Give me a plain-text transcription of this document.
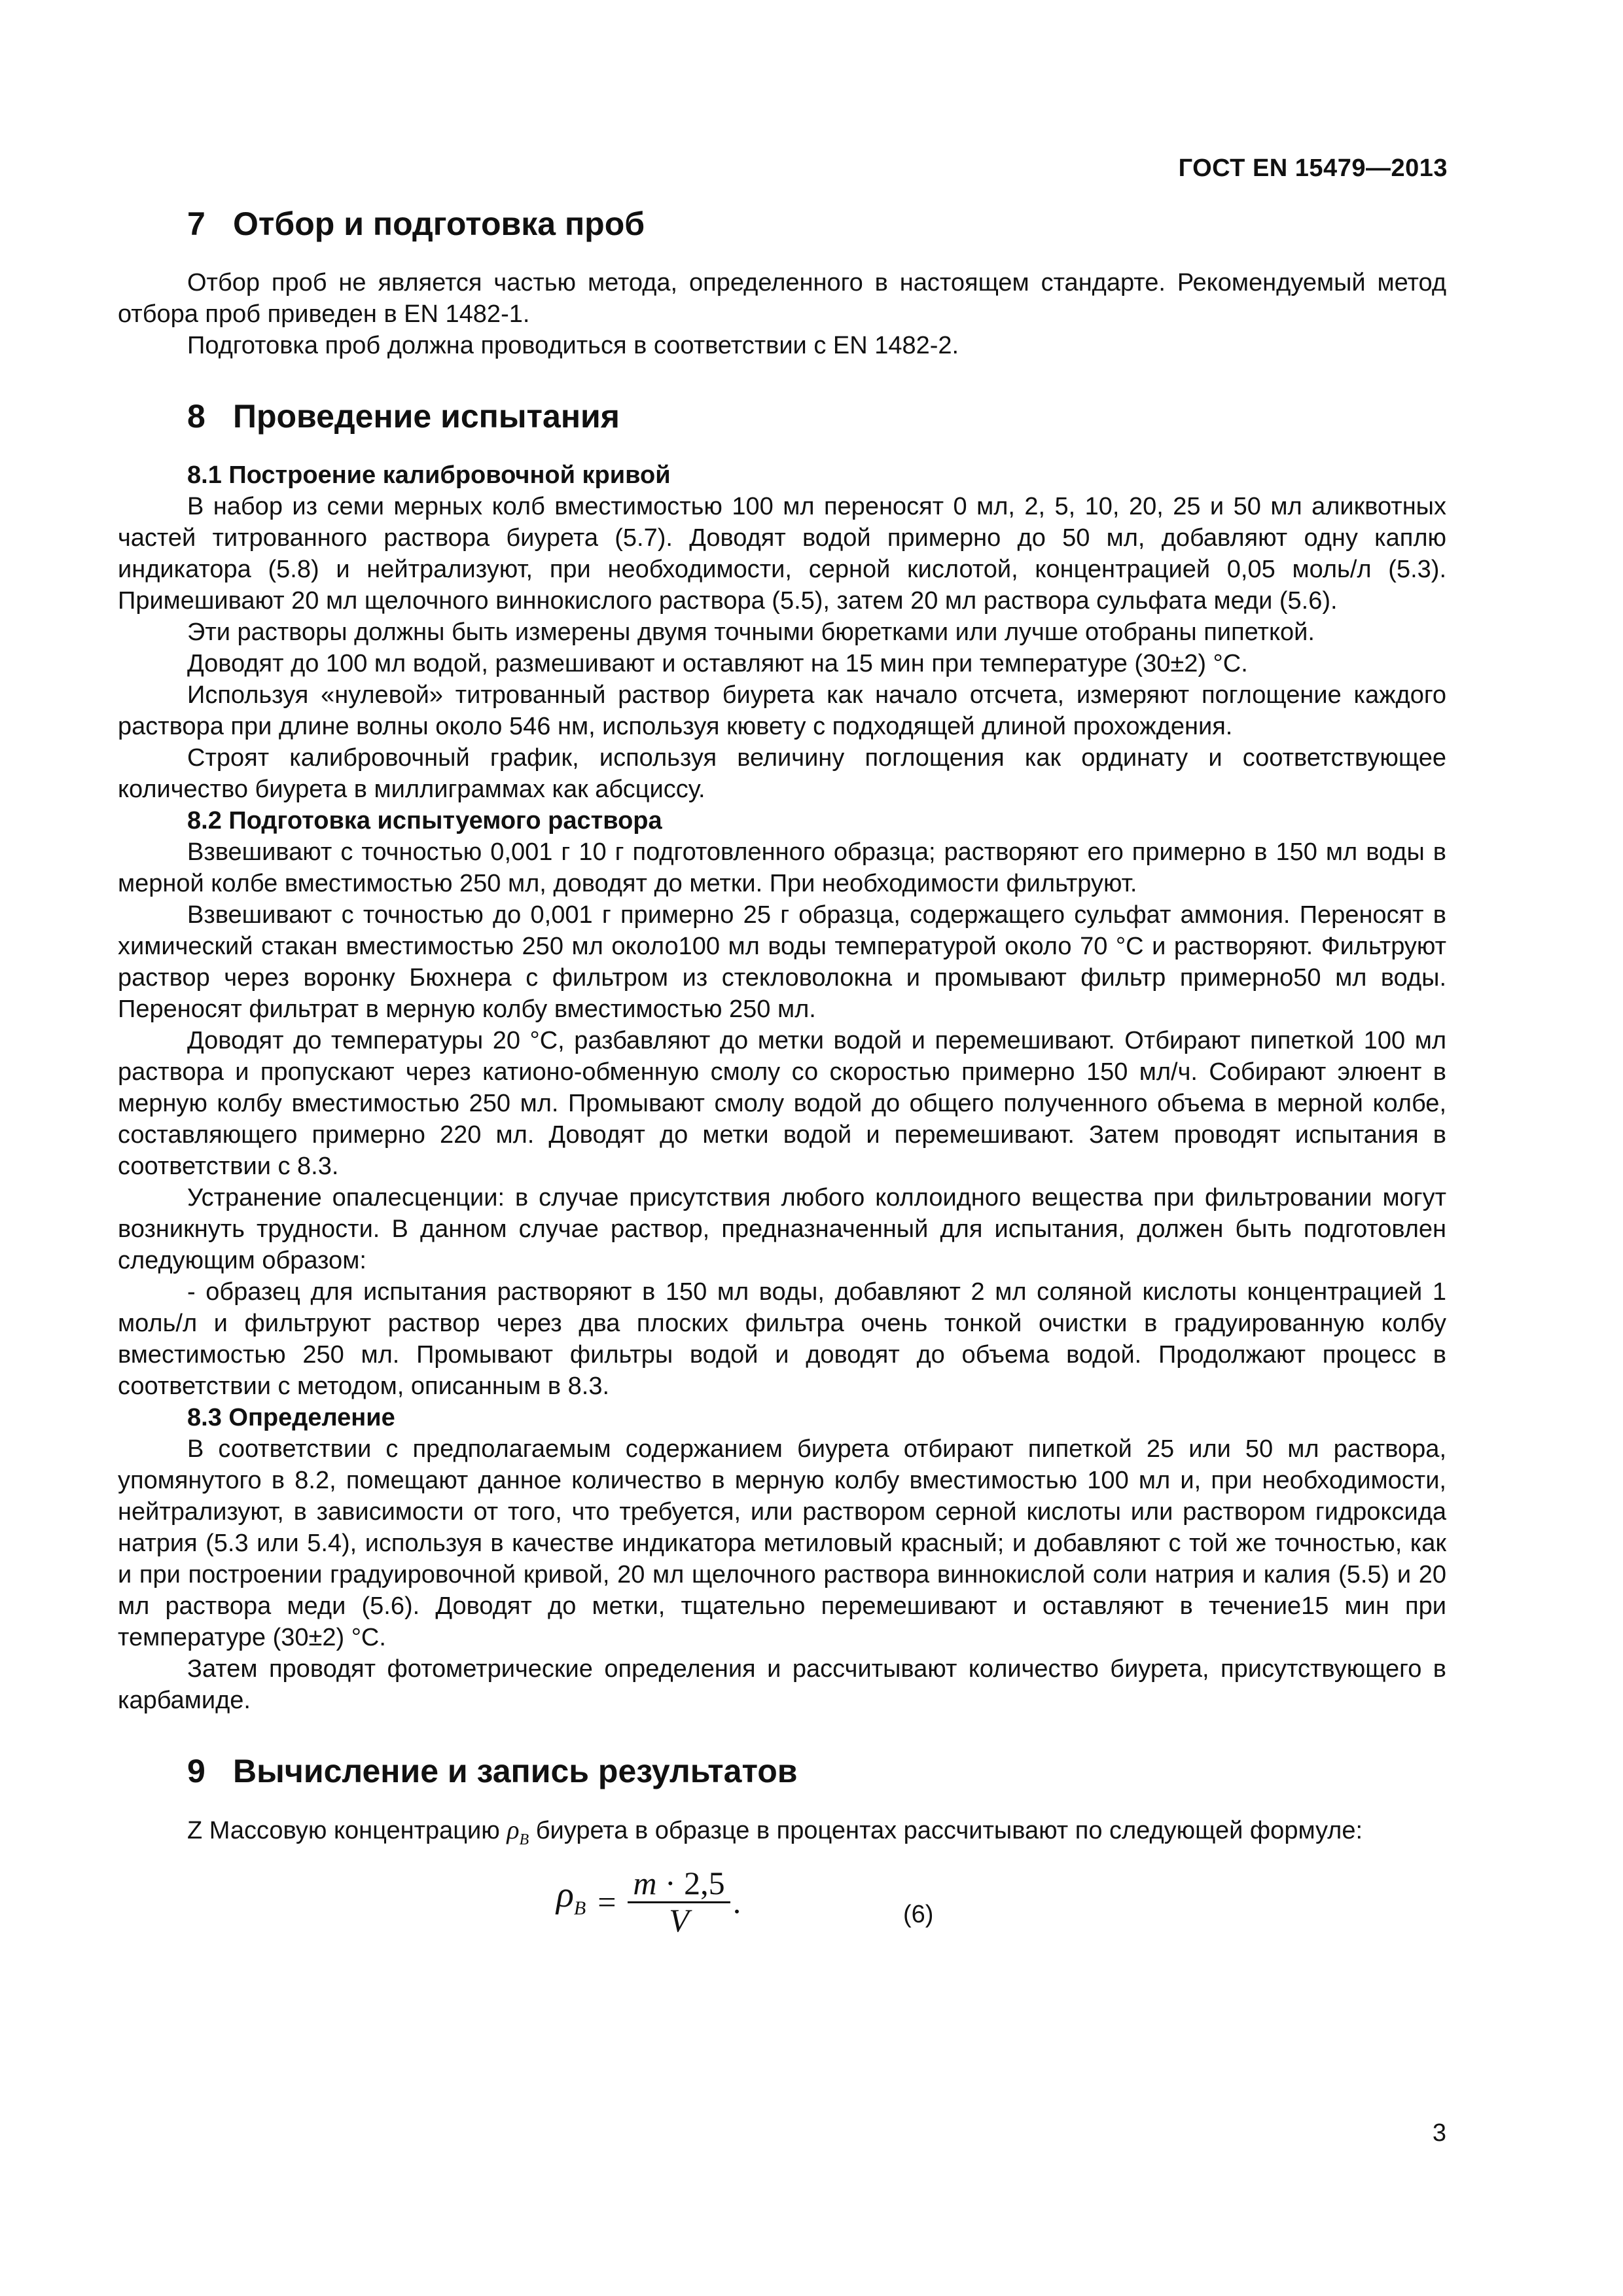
ГОСТ EN 15479—2013
7 Отбор и подготовка проб

Отбор проб не является частью метода, определенного в настоящем стандарте. Рекомендуемый метод отбора проб приведен в EN 1482-1.

Подготовка проб должна проводиться в соответствии с EN 1482-2.

8 Проведение испытания
8.1 Построение калибровочной кривой

В набор из семи мерных колб вместимостью 100 мл переносят 0 мл, 2, 5, 10, 20, 25 и 50 мл аликвотных частей титрованного раствора биурета (5.7). Доводят водой примерно до 50 мл, добавляют одну каплю индикатора (5.8) и нейтрализуют, при необходимости, серной кислотой, концентрацией 0,05 моль/л (5.3). Примешивают 20 мл щелочного виннокислого раствора (5.5), затем 20 мл раствора сульфата меди (5.6).

Эти растворы должны быть измерены двумя точными бюретками или лучше отобраны пипеткой.

Доводят до 100 мл водой, размешивают и оставляют на 15 мин при температуре (30±2) °С.

Используя «нулевой» титрованный раствор биурета как начало отсчета, измеряют поглощение каждого раствора при длине волны около 546 нм, используя кювету с подходящей длиной прохождения.

Строят калибровочный график, используя величину поглощения как ординату и соответствующее количество биурета в миллиграммах как абсциссу.

8.2 Подготовка испытуемого раствора

Взвешивают с точностью 0,001 г 10 г подготовленного образца; растворяют его примерно в 150 мл воды в мерной колбе вместимостью 250 мл, доводят до метки. При необходимости фильтруют.

Взвешивают с точностью до 0,001 г примерно 25 г образца, содержащего сульфат аммония. Переносят в химический стакан вместимостью 250 мл около100 мл воды температурой около 70 °С и растворяют. Фильтруют раствор через воронку Бюхнера с фильтром из стекловолокна и промывают фильтр примерно50 мл воды. Переносят фильтрат в мерную колбу вместимостью 250 мл.

Доводят до температуры 20 °С, разбавляют до метки водой и перемешивают. Отбирают пипеткой 100 мл раствора и пропускают через катионо-обменную смолу со скоростью примерно 150 мл/ч. Собирают элюент в мерную колбу вместимостью 250 мл. Промывают смолу водой до общего полученного объема в мерной колбе, составляющего примерно 220 мл. Доводят до метки водой и перемешивают. Затем проводят испытания в соответствии с 8.3.

Устранение опалесценции: в случае присутствия любого коллоидного вещества при фильтровании могут возникнуть трудности. В данном случае раствор, предназначенный для испытания, должен быть подготовлен следующим образом:

- образец для испытания растворяют в 150 мл воды, добавляют 2 мл соляной кислоты концентрацией 1 моль/л и фильтруют раствор через два плоских фильтра очень тонкой очистки в градуированную колбу вместимостью 250 мл. Промывают фильтры водой и доводят до объема водой. Продолжают процесс в соответствии с методом, описанным в 8.3.

8.3 Определение

В соответствии с предполагаемым содержанием биурета отбирают пипеткой 25 или 50 мл раствора, упомянутого в 8.2, помещают данное количество в мерную колбу вместимостью 100 мл и, при необходимости, нейтрализуют, в зависимости от того, что требуется, или раствором серной кислоты или раствором гидроксида натрия (5.3 или 5.4), используя в качестве индикатора метиловый красный; и добавляют с той же точностью, как и при построении градуировочной кривой, 20 мл щелочного раствора виннокислой соли натрия и калия (5.5) и 20 мл раствора меди (5.6). Доводят до метки, тщательно перемешивают и оставляют в течение15 мин при температуре (30±2) °С.

Затем проводят фотометрические определения и рассчитывают количество биурета, присутствующего в карбамиде.

9 Вычисление и запись результатов

Z Массовую концентрацию $\rho_B$ биурета в образце в процентах рассчитывают по следующей формуле:

$\rho_B = \frac{m \cdot 2,5}{V}$ .	(6)
3
